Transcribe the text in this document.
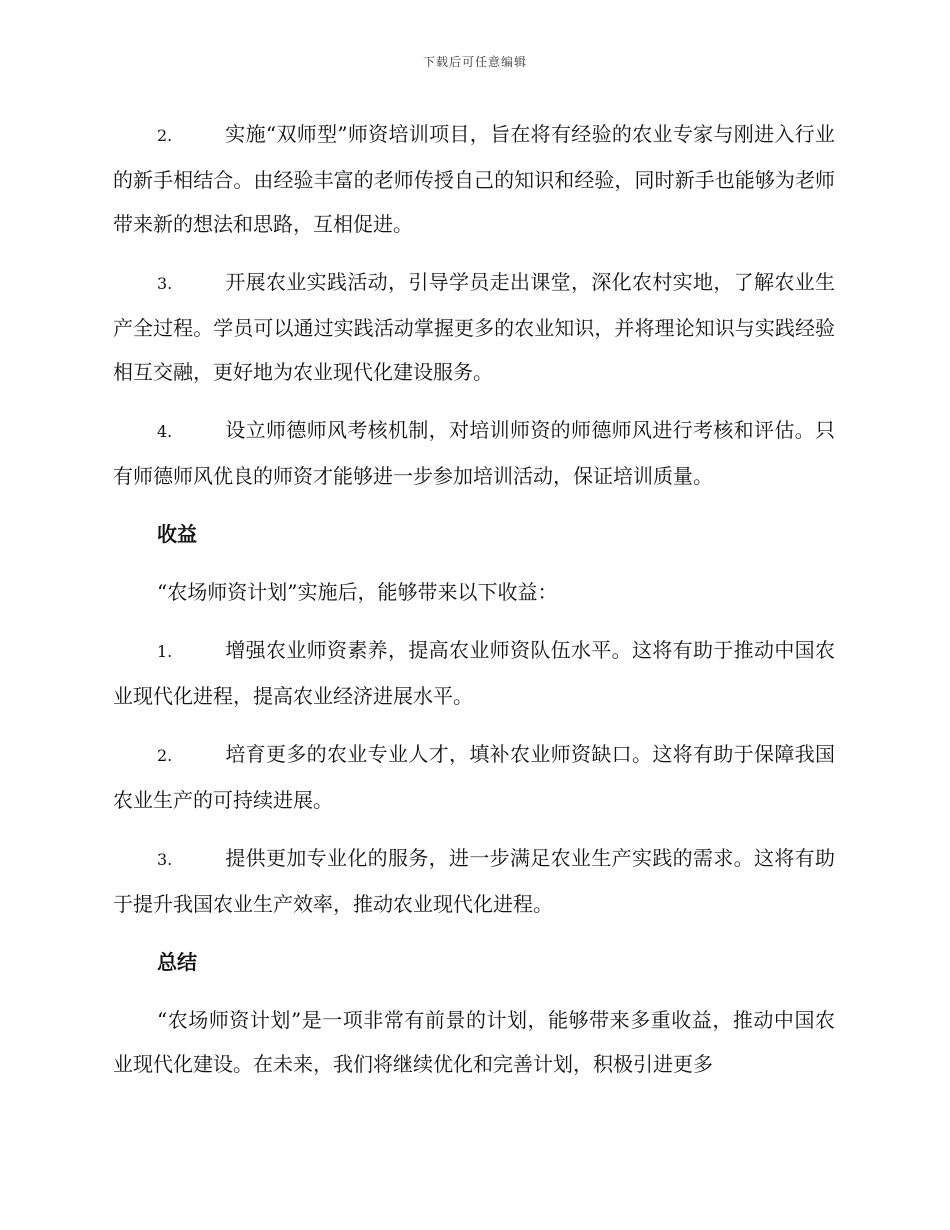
下载后可任意编辑

2.	实施“双师型”师资培训项目，旨在将有经验的农业专家与刚进入行业的新手相结合。由经验丰富的老师传授自己的知识和经验，同时新手也能够为老师带来新的想法和思路，互相促进。

3.	开展农业实践活动，引导学员走出课堂，深化农村实地，了解农业生产全过程。学员可以通过实践活动掌握更多的农业知识，并将理论知识与实践经验相互交融，更好地为农业现代化建设服务。

4.	设立师德师风考核机制，对培训师资的师德师风进行考核和评估。只有师德师风优良的师资才能够进一步参加培训活动，保证培训质量。

收益

“农场师资计划”实施后，能够带来以下收益：

1.	增强农业师资素养，提高农业师资队伍水平。这将有助于推动中国农业现代化进程，提高农业经济进展水平。

2.	培育更多的农业专业人才，填补农业师资缺口。这将有助于保障我国农业生产的可持续进展。

3.	提供更加专业化的服务，进一步满足农业生产实践的需求。这将有助于提升我国农业生产效率，推动农业现代化进程。

总结

“农场师资计划”是一项非常有前景的计划，能够带来多重收益，推动中国农业现代化建设。在未来，我们将继续优化和完善计划，积极引进更多
